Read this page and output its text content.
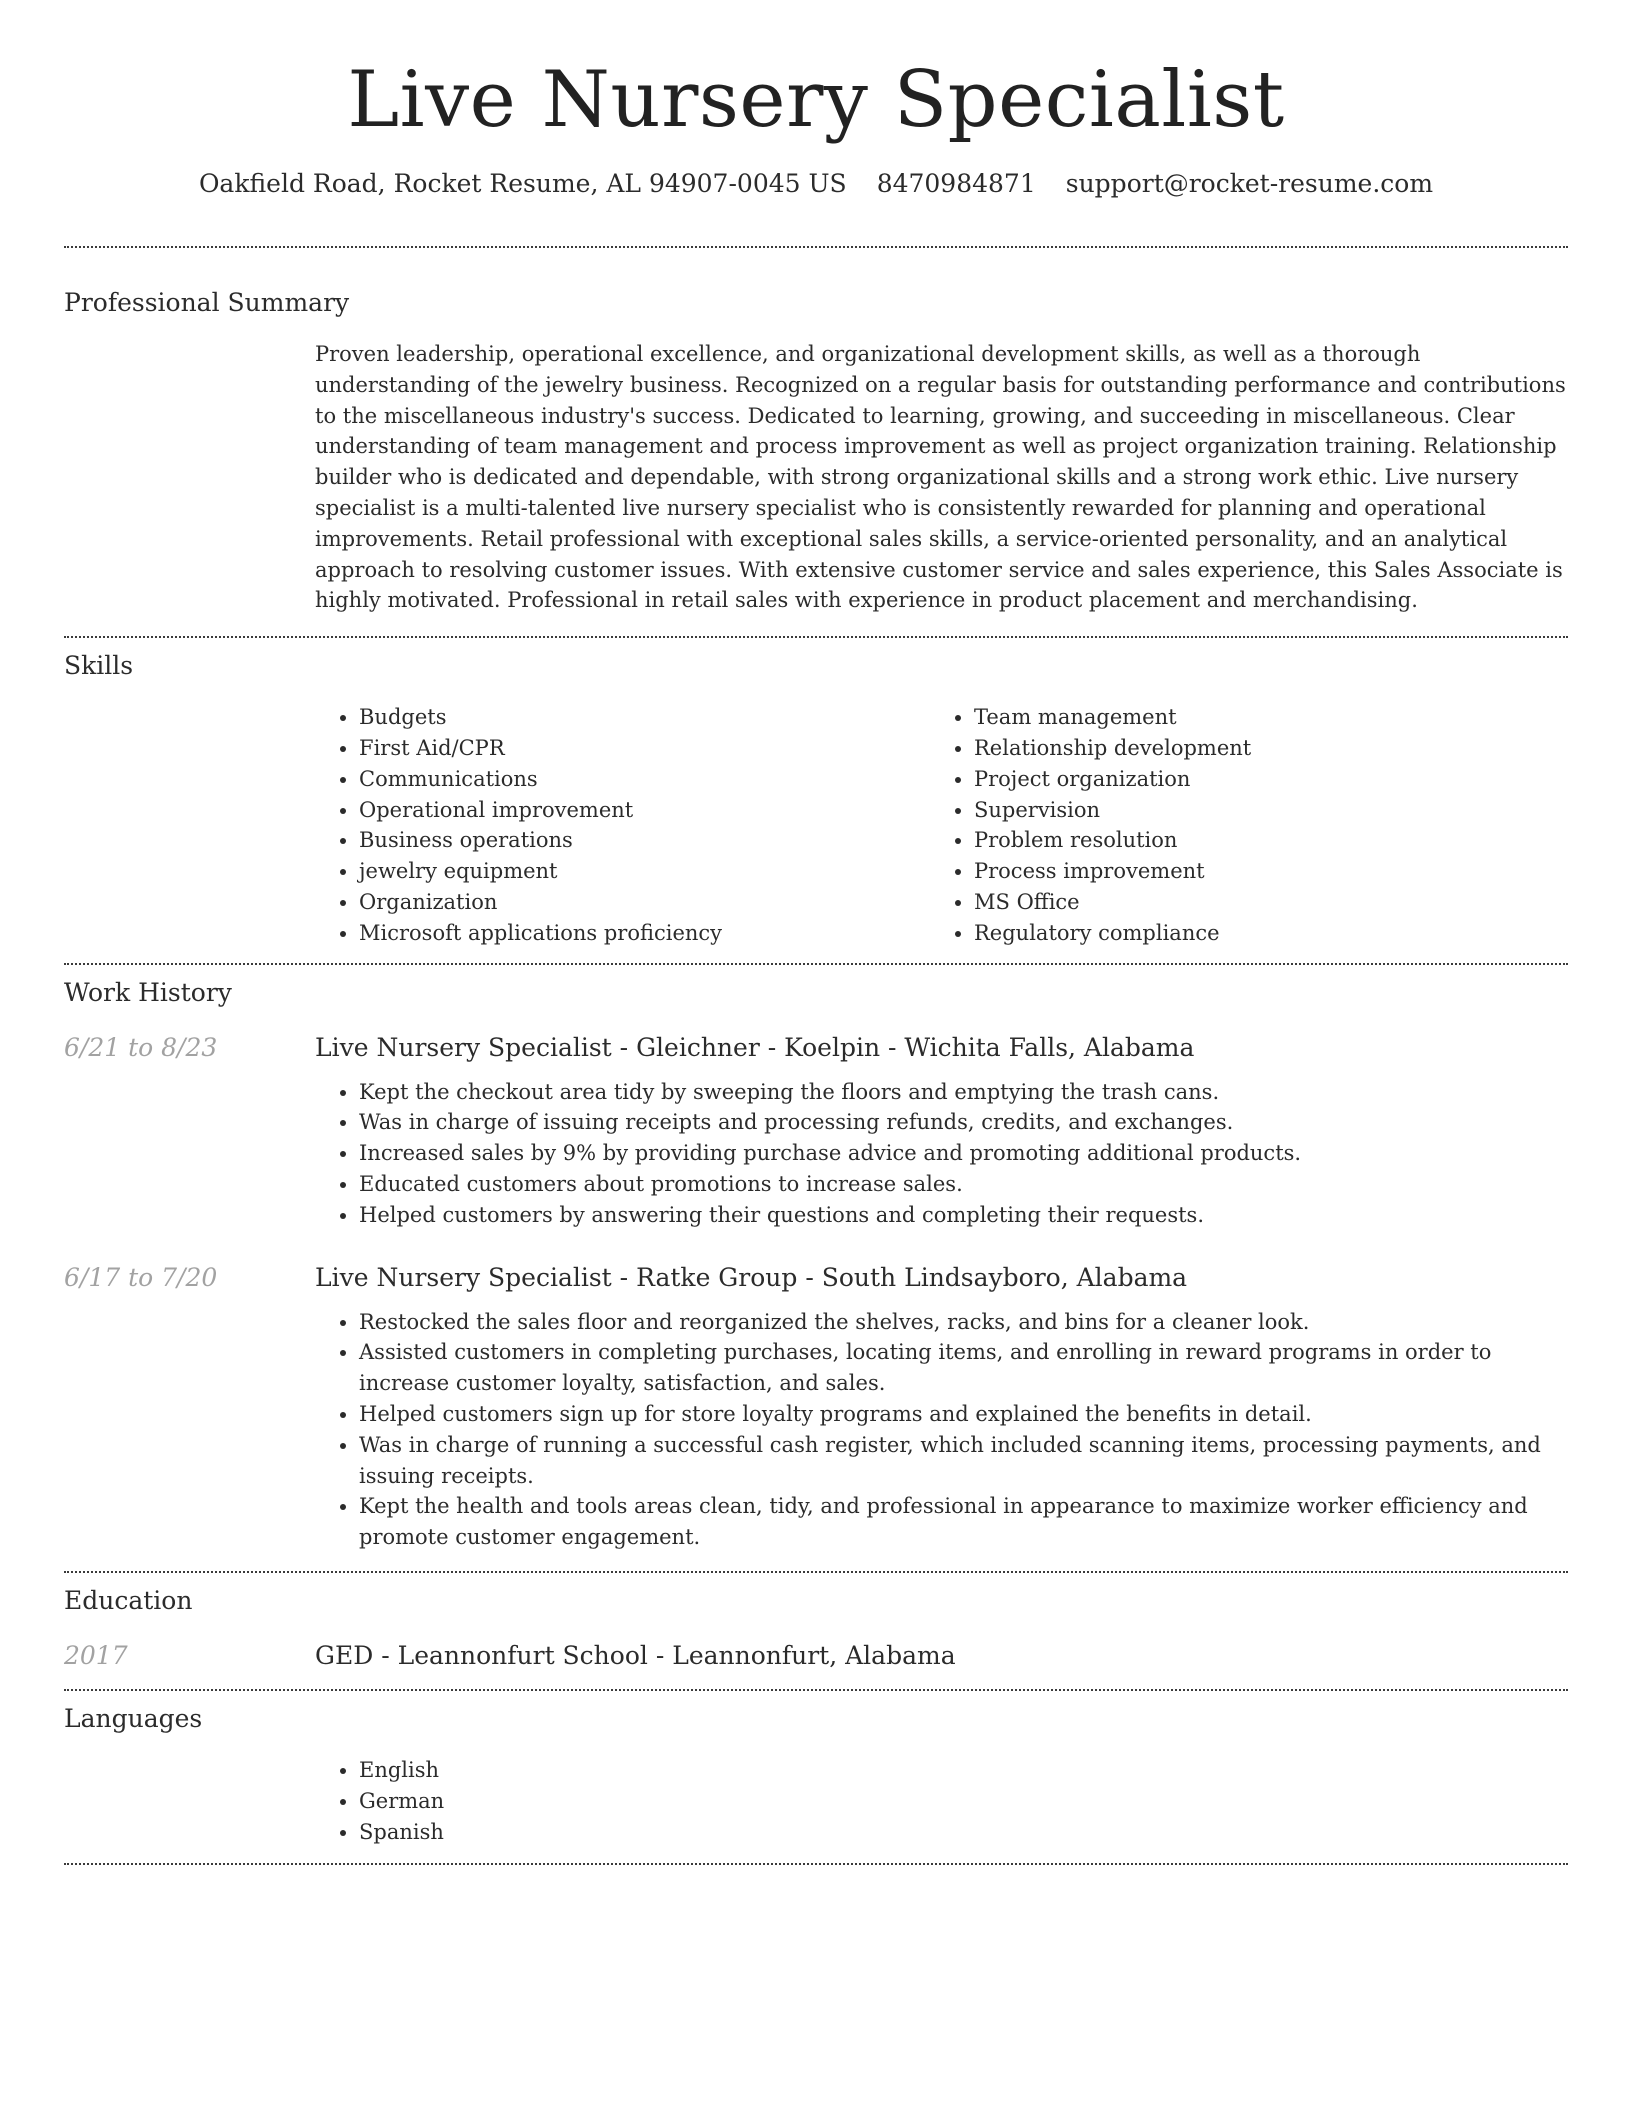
Live Nursery Specialist
Oakfield Road, Rocket Resume, AL 94907-0045 US 8470984871 support@rocket-resume.com
Professional Summary

Proven leadership, operational excellence, and organizational development skills, as well as a thorough understanding of the jewelry business. Recognized on a regular basis for outstanding performance and contributions to the miscellaneous industry's success. Dedicated to learning, growing, and succeeding in miscellaneous. Clear understanding of team management and process improvement as well as project organization training. Relationship builder who is dedicated and dependable, with strong organizational skills and a strong work ethic. Live nursery specialist is a multi-talented live nursery specialist who is consistently rewarded for planning and operational improvements. Retail professional with exceptional sales skills, a service-oriented personality, and an analytical approach to resolving customer issues. With extensive customer service and sales experience, this Sales Associate is highly motivated. Professional in retail sales with experience in product placement and merchandising.

Skills
• Budgets
• First Aid/CPR
• Communications
• Operational improvement
• Business operations
• jewelry equipment
• Organization
• Microsoft applications proficiency
• Team management
• Relationship development
• Project organization
• Supervision
• Problem resolution
• Process improvement
• MS Office
• Regulatory compliance
Work History
6/21 to 8/23	Live Nursery Specialist - Gleichner - Koelpin - Wichita Falls, Alabama
• Kept the checkout area tidy by sweeping the floors and emptying the trash cans.
• Was in charge of issuing receipts and processing refunds, credits, and exchanges.
• Increased sales by 9% by providing purchase advice and promoting additional products.
• Educated customers about promotions to increase sales.
• Helped customers by answering their questions and completing their requests.
6/17 to 7/20	Live Nursery Specialist - Ratke Group - South Lindsayboro, Alabama
• Restocked the sales floor and reorganized the shelves, racks, and bins for a cleaner look.
• Assisted customers in completing purchases, locating items, and enrolling in reward programs in order to increase customer loyalty, satisfaction, and sales.
• Helped customers sign up for store loyalty programs and explained the benefits in detail.
• Was in charge of running a successful cash register, which included scanning items, processing payments, and issuing receipts.
• Kept the health and tools areas clean, tidy, and professional in appearance to maximize worker efficiency and promote customer engagement.
Education
2017	GED - Leannonfurt School - Leannonfurt, Alabama
Languages
• English
• German
• Spanish
